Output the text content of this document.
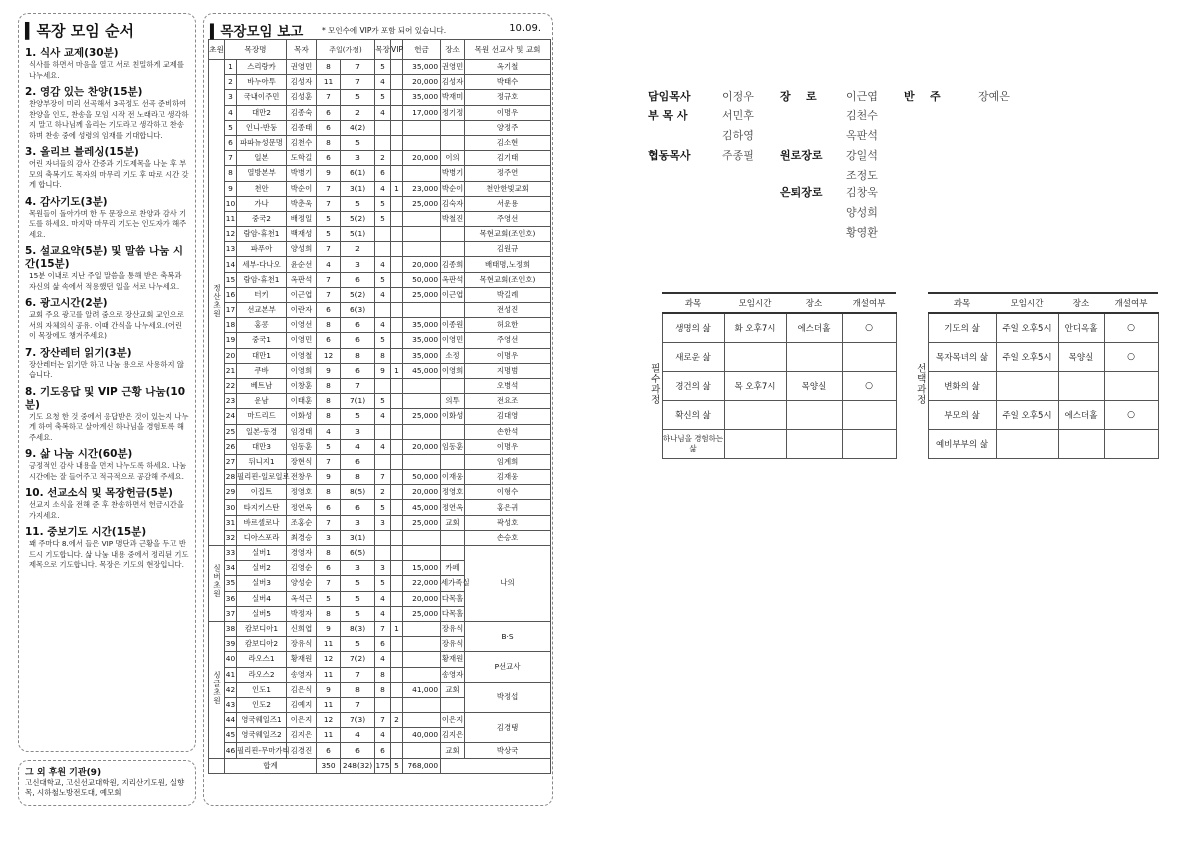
▍목장 모임 순서
1. 식사 교제(30분)
식사를 하면서 마음을 열고 서로 친밀하게 교제를 나누세요.
2. 영감 있는 찬양(15분)
찬양부장이 미리 선곡해서 3곡정도 선곡 준비하여 찬양을 인도, 찬송을 모임 시작 전 노래라고 생각하지 말고 하나님께 올리는 기도라고 생각하고 찬송하며 찬송 중에 성령의 임재를 기대합니다.
3. 올리브 블레싱(15분)
어린 자녀들의 감사 간증과 기도제목을 나눈 후 부모의 축복기도 목자의 마무리 기도 후 따로 시간 갖게 합니다.
4. 감사기도(3분)
목원들이 돌아가며 한 두 문장으로 찬양과 감사 기도를 하세요. 마지막 마무리 기도는 인도자가 해주세요.
5. 설교요약(5분) 및 말씀 나눔 시간(15분)
15분 이내로 지난 주일 말씀을 통해 받은 축복과 자신의 삶 속에서 적용했던 일을 서로 나누세요.
6. 광고시간(2분)
교회 주요 광고를 알려 줌으로 장산교회 교인으로서의 자체의식 공유. 이때 간식을 나누세요.(어린이 목장에도 챙겨주세요)
7. 장산레터 읽기(3분)
장산레터는 읽기만 하고 나눔 용으로 사용하지 않습니다.
8. 기도응답 및 VIP 근황 나눔(10분)
기도 요청 한 것 중에서 응답받은 것이 있는지 나누게 하여 축복하고 살아계신 하나님을 경험토록 해주세요.
9. 삶 나눔 시간(60분)
긍정적인 감사 내용을 먼저 나누도록 하세요. 나눔 시간에는 잘 들어주고 적극적으로 공감해 주세요.
10. 선교소식 및 목장헌금(5분)
선교지 소식을 전해 준 후 찬송하면서 헌금시간을 가지세요.
11. 중보기도 시간(15분)
꽤 주마다 8.에서 들은 VIP 명단과 근황을 두고 반드시 기도합니다. 삶 나눔 내용 중에서 정리된 기도제목으로 기도합니다. 목장은 기도의 현장입니다.
그 외 후원 기관(9)
고신대학교, 고신선교대학원, 지리산기도원, 실향목, 시하철노방전도대, 예모회
▍목장모임 보고 * 모인수에 VIP가 포함 되어 있습니다.	10.09.
초원	목장명		목자	주일(가정)		목장	VIP	헌금	장소	목원 선교사 및 교회
정산초원	1	스리랑카	권영민	8	7	5		35,000	권영민	옥기철
	2	바누아투	김성자	11	7	4		20,000	김성자	박태수
	3	국내이주민	김성훈	7	5	5		35,000	박재미	정규호
	4	대만2	김종숙	6	2	4		17,000	정기정	이명우
	5	인니-반둥	김종태	6	4(2)					양정주
	6	파파뉴성문명	김천수	8	5					김소현
	7	일본	도학길	6	3	2		20,000	이의	김기태
	8	열방본부	박병기	9	6(1)	6			박병기	정주연
	9	천안	박순이	7	3(1)	4	1	23,000	박순이	천안한빛교회
	10	가나	박춘욱	7	5	5		25,000	김숙자	서운용
	11	중국2	배정일	5	5(2)	5			박철진	주영선
	12	람암-휴천1	백재성	5	5(1)					목현교회(조인호)
	13	파푸아	양성희	7	2					김원규
	14	세부-다나오	윤순선	4	3	4		20,000	김종희	배태명,노정희
	15	람암-휴천1	옥판석	7	6	5		50,000	옥판석	목현교회(조인호)
	16	터키	이근엽	7	5(2)	4		25,000	이근엽	박길례
	17	선교본부	이란자	6	6(3)					전성진
	18	홍콩	이영선	8	6	4		35,000	이종원	허요한
	19	중국1	이영민	6	6	5		35,000	이영민	주영선
	20	대만1	이영철	12	8	8		35,000	소정	이명우
	21	쿠바	이영희	9	6	9	1	45,000	이영희	지명범
	22	베트남	이창훈	8	7					오병석
	23	운남	이태훈	8	7(1)	5			의투	전요조
	24	마드리드	이화성	8	5	4		25,000	이화성	김대영
	25	일본-동경	임경태	4	3					손한석
	26	대만3	임동훈	5	4	4		20,000	임동훈	이명우
	27	뒤니지1	장현식	7	6					임계희
	28	필리핀-일로일로	전창우	9	8	7		50,000	이재웅	김재웅
	29	이집트	정영호	8	8(5)	2		20,000	정영호	이형수
	30	타지키스탄	정연옥	6	6	5		45,000	정연옥	홍은귀
	31	바르셀로나	조홍순	7	3	3		25,000	교회	곽성호
	32	디아스포라	최경승	3	3(1)					손승호
실버초원	33	실버1	경영자	8	6(5)					나의
	34	실버2	김영순	6	3	3		15,000	카페	
	35	실버3	양성순	7	5	5		22,000	세가족실	
	36	실버4	옥석근	5	5	4		20,000	다목홀	
	37	실버5	박정자	8	5	4		25,000	다목홀	
싱글초원	38	캄보디아1	신희엽	9	8(3)	7	1		장유식	B·S
	39	캄보디아2	장유식	11	5	6			장유식	
	40	라오스1	황재원	12	7(2)	4			황재원	P선교사
	41	라오스2	송영자	11	7	8			송영자	
	42	인도1	김은식	9	8	8		41,000	교회	박정섭
	43	인도2	김예지	11	7					
	44	영국웨일즈1	이은지	12	7(3)	7	2		이은지	김경탱
	45	영국웨일즈2	김지은	11	4	4		40,000	김지은	
	46	필리핀-무마가티	김경진	6	6	6			교회	박상국
	합계			350	248(32)	175	5	768,000		
담임목사	이정우
부 목 사	서민후
김하영
협동목사	주종필
장    로	이근엽
김천수
옥판석
원로장로 강일석
조정도
은퇴장로 김창욱
양성희
황영환
반    주	장예은
	과목	모임시간	장소	개설여부
필수과정	생명의 삶	화 오후7시	에스더홀	○
	새로운 삶			
	경건의 삶	목 오후7시	목양실	○
	확신의 삶			
	하나님을 경험하는 삶			
	과목	모임시간	장소	개설여부
선택과정	기도의 삶	주일 오후5시	안디옥홀	○
	목자목녀의 삶	주일 오후5시	목양실	○
	변화의 삶			
	부모의 삶	주일 오후5시	에스더홀	○
	예비부부의 삶			
